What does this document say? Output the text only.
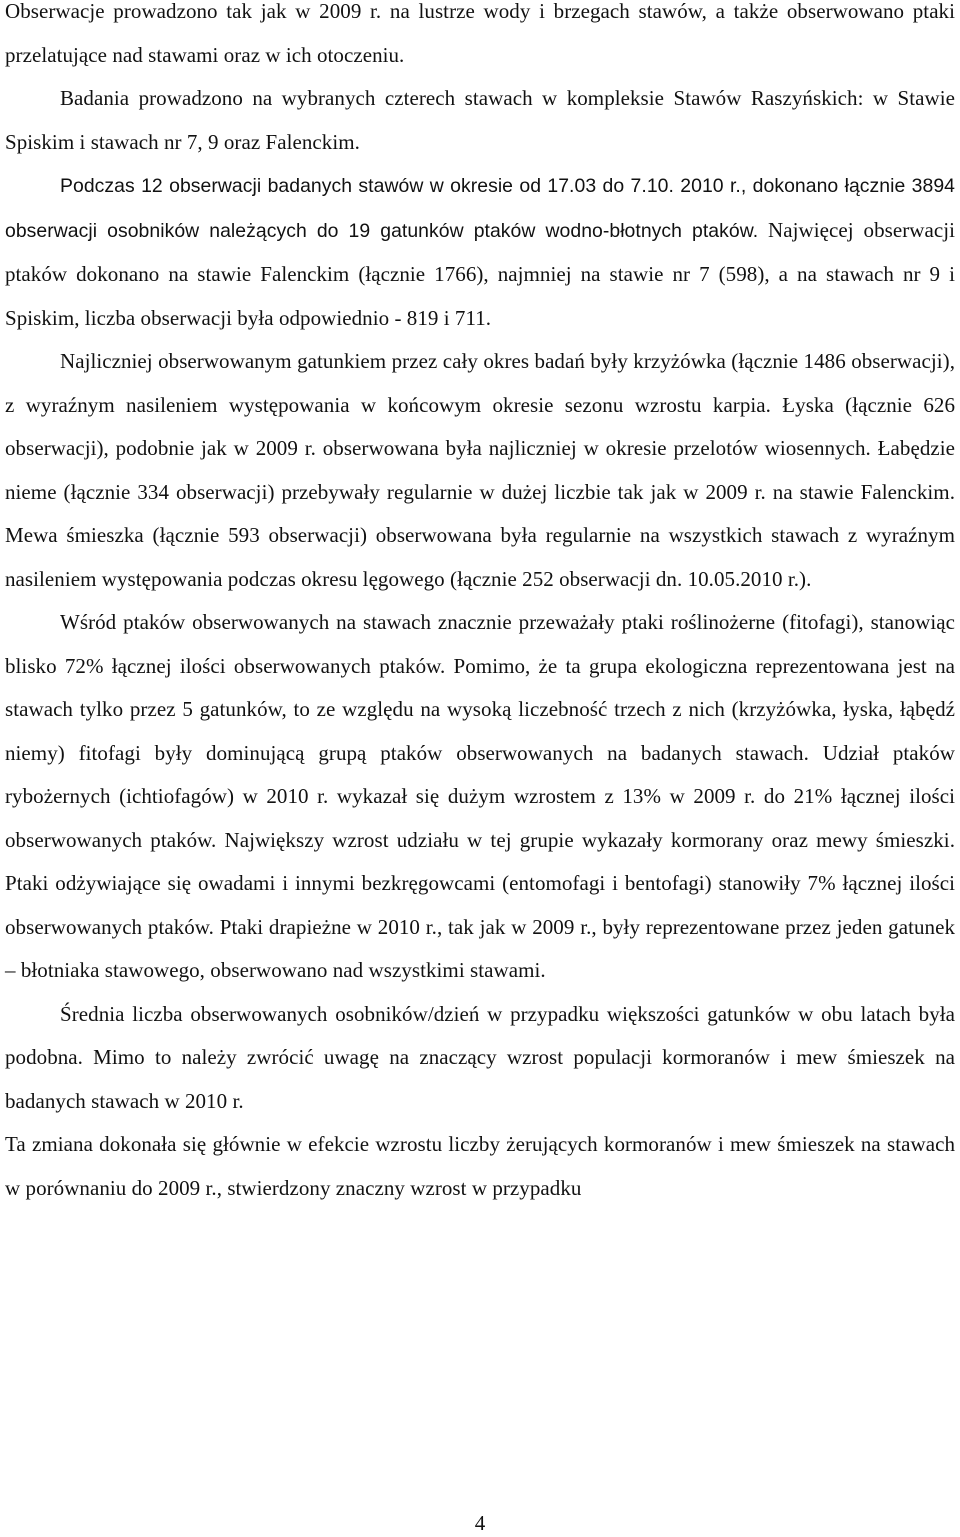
Obserwacje prowadzono tak jak w 2009 r. na lustrze wody i brzegach stawów, a także obserwowano ptaki przelatujące nad stawami oraz w ich otoczeniu.

Badania prowadzono na wybranych czterech stawach w kompleksie Stawów Raszyńskich: w Stawie Spiskim i stawach nr 7, 9 oraz Falenckim.

Podczas 12 obserwacji badanych stawów w okresie od 17.03 do 7.10. 2010 r., dokonano łącznie 3894 obserwacji osobników należących do 19 gatunków ptaków wodno-błotnych ptaków. Najwięcej obserwacji ptaków dokonano na stawie Falenckim (łącznie 1766), najmniej na stawie nr 7 (598), a na stawach nr 9 i Spiskim, liczba obserwacji była odpowiednio - 819 i 711.

Najliczniej obserwowanym gatunkiem przez cały okres badań były krzyżówka (łącznie 1486 obserwacji), z wyraźnym nasileniem występowania w końcowym okresie sezonu wzrostu karpia. Łyska (łącznie 626 obserwacji), podobnie jak w 2009 r. obserwowana była najliczniej w okresie przelotów wiosennych. Łabędzie nieme (łącznie 334 obserwacji) przebywały regularnie w dużej liczbie tak jak w 2009 r. na stawie Falenckim. Mewa śmieszka (łącznie 593 obserwacji) obserwowana była regularnie na wszystkich stawach z wyraźnym nasileniem występowania podczas okresu lęgowego (łącznie 252 obserwacji dn. 10.05.2010 r.).

Wśród ptaków obserwowanych na stawach znacznie przeważały ptaki roślinożerne (fitofagi), stanowiąc blisko 72% łącznej ilości obserwowanych ptaków. Pomimo, że ta grupa ekologiczna reprezentowana jest na stawach tylko przez 5 gatunków, to ze względu na wysoką liczebność trzech z nich (krzyżówka, łyska, łąbędź niemy) fitofagi były dominującą grupą ptaków obserwowanych na badanych stawach. Udział ptaków rybożernych (ichtiofagów) w 2010 r. wykazał się dużym wzrostem z 13% w 2009 r. do 21% łącznej ilości obserwowanych ptaków. Największy wzrost udziału w tej grupie wykazały kormorany oraz mewy śmieszki. Ptaki odżywiające się owadami i innymi bezkręgowcami (entomofagi i bentofagi) stanowiły 7% łącznej ilości obserwowanych ptaków. Ptaki drapieżne w 2010 r., tak jak w 2009 r., były reprezentowane przez jeden gatunek – błotniaka stawowego, obserwowano nad wszystkimi stawami.

Średnia liczba obserwowanych osobników/dzień w przypadku większości gatunków w obu latach była podobna. Mimo to należy zwrócić uwagę na znaczący wzrost populacji kormoranów i mew śmieszek na badanych stawach w 2010 r.

Ta zmiana dokonała się głównie w efekcie wzrostu liczby żerujących kormoranów i mew śmieszek na stawach w porównaniu do 2009 r., stwierdzony znaczny wzrost w przypadku

4
